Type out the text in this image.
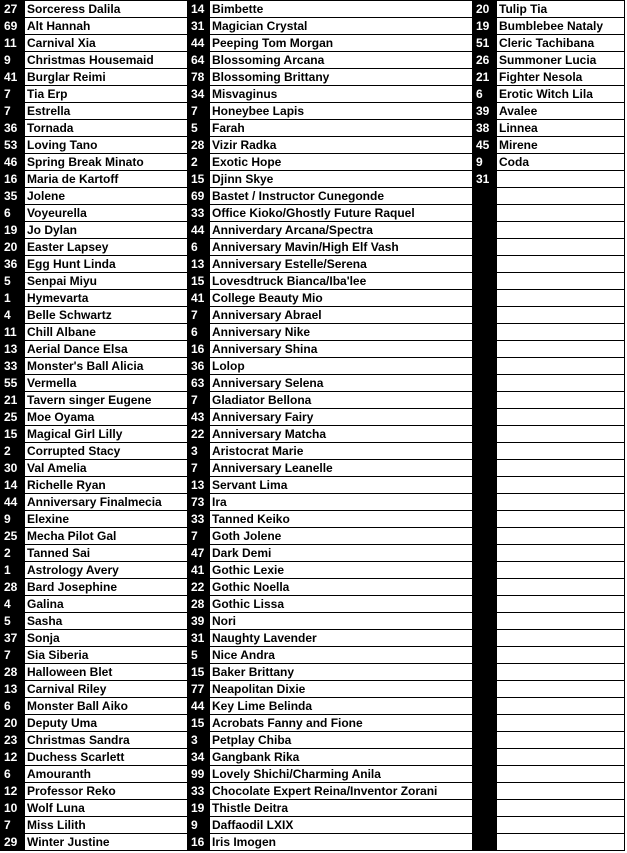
27	Sorceress Dalila	14	Bimbette	20	Tulip Tia
69	Alt Hannah	31	Magician Crystal	19	Bumblebee Nataly
11	Carnival Xia	44	Peeping Tom Morgan	51	Cleric Tachibana
9	Christmas Housemaid	64	Blossoming Arcana	26	Summoner Lucia
41	Burglar Reimi	78	Blossoming Brittany	21	Fighter Nesola
7	Tia Erp	34	Misvaginus	6	Erotic Witch Lila
7	Estrella	7	Honeybee Lapis	39	Avalee
36	Tornada	5	Farah	38	Linnea
53	Loving Tano	28	Vizir Radka	45	Mirene
46	Spring Break Minato	2	Exotic Hope	9	Coda
16	Maria de Kartoff	15	Djinn Skye	31	
35	Jolene	69	Bastet / Instructor Cunegonde		
6	Voyeurella	33	Office Kioko/Ghostly Future Raquel		
19	Jo Dylan	44	Anniverdary Arcana/Spectra		
20	Easter Lapsey	6	Anniversary Mavin/High Elf Vash		
36	Egg Hunt Linda	13	Anniversary Estelle/Serena		
5	Senpai Miyu	15	Lovesdtruck Bianca/Iba'lee		
1	Hymevarta	41	College Beauty Mio		
4	Belle Schwartz	7	Anniversary Abrael		
11	Chill Albane	6	Anniversary Nike		
13	Aerial Dance Elsa	16	Anniversary Shina		
33	Monster's Ball Alicia	36	Lolop		
55	Vermella	63	Anniversary Selena		
21	Tavern singer Eugene	7	Gladiator Bellona		
25	Moe Oyama	43	Anniversary Fairy		
15	Magical Girl Lilly	22	Anniversary Matcha		
2	Corrupted Stacy	3	Aristocrat Marie		
30	Val Amelia	7	Anniversary Leanelle		
14	Richelle Ryan	13	Servant Lima		
44	Anniversary Finalmecia	73	Ira		
9	Elexine	33	Tanned Keiko		
25	Mecha Pilot Gal	7	Goth Jolene		
2	Tanned Sai	47	Dark Demi		
1	Astrology Avery	41	Gothic Lexie		
28	Bard Josephine	22	Gothic Noella		
4	Galina	28	Gothic Lissa		
5	Sasha	39	Nori		
37	Sonja	31	Naughty Lavender		
7	Sia Siberia	5	Nice Andra		
28	Halloween Blet	15	Baker Brittany		
13	Carnival Riley	77	Neapolitan Dixie		
6	Monster Ball Aiko	44	Key Lime Belinda		
20	Deputy Uma	15	Acrobats Fanny and Fione		
23	Christmas Sandra	3	Petplay Chiba		
12	Duchess Scarlett	34	Gangbank Rika		
6	Amouranth	99	Lovely Shichi/Charming Anila		
12	Professor Reko	33	Chocolate Expert Reina/Inventor Zorani		
10	Wolf Luna	19	Thistle Deitra		
7	Miss Lilith	9	Daffaodil LXIX		
29	Winter Justine	16	Iris Imogen		
